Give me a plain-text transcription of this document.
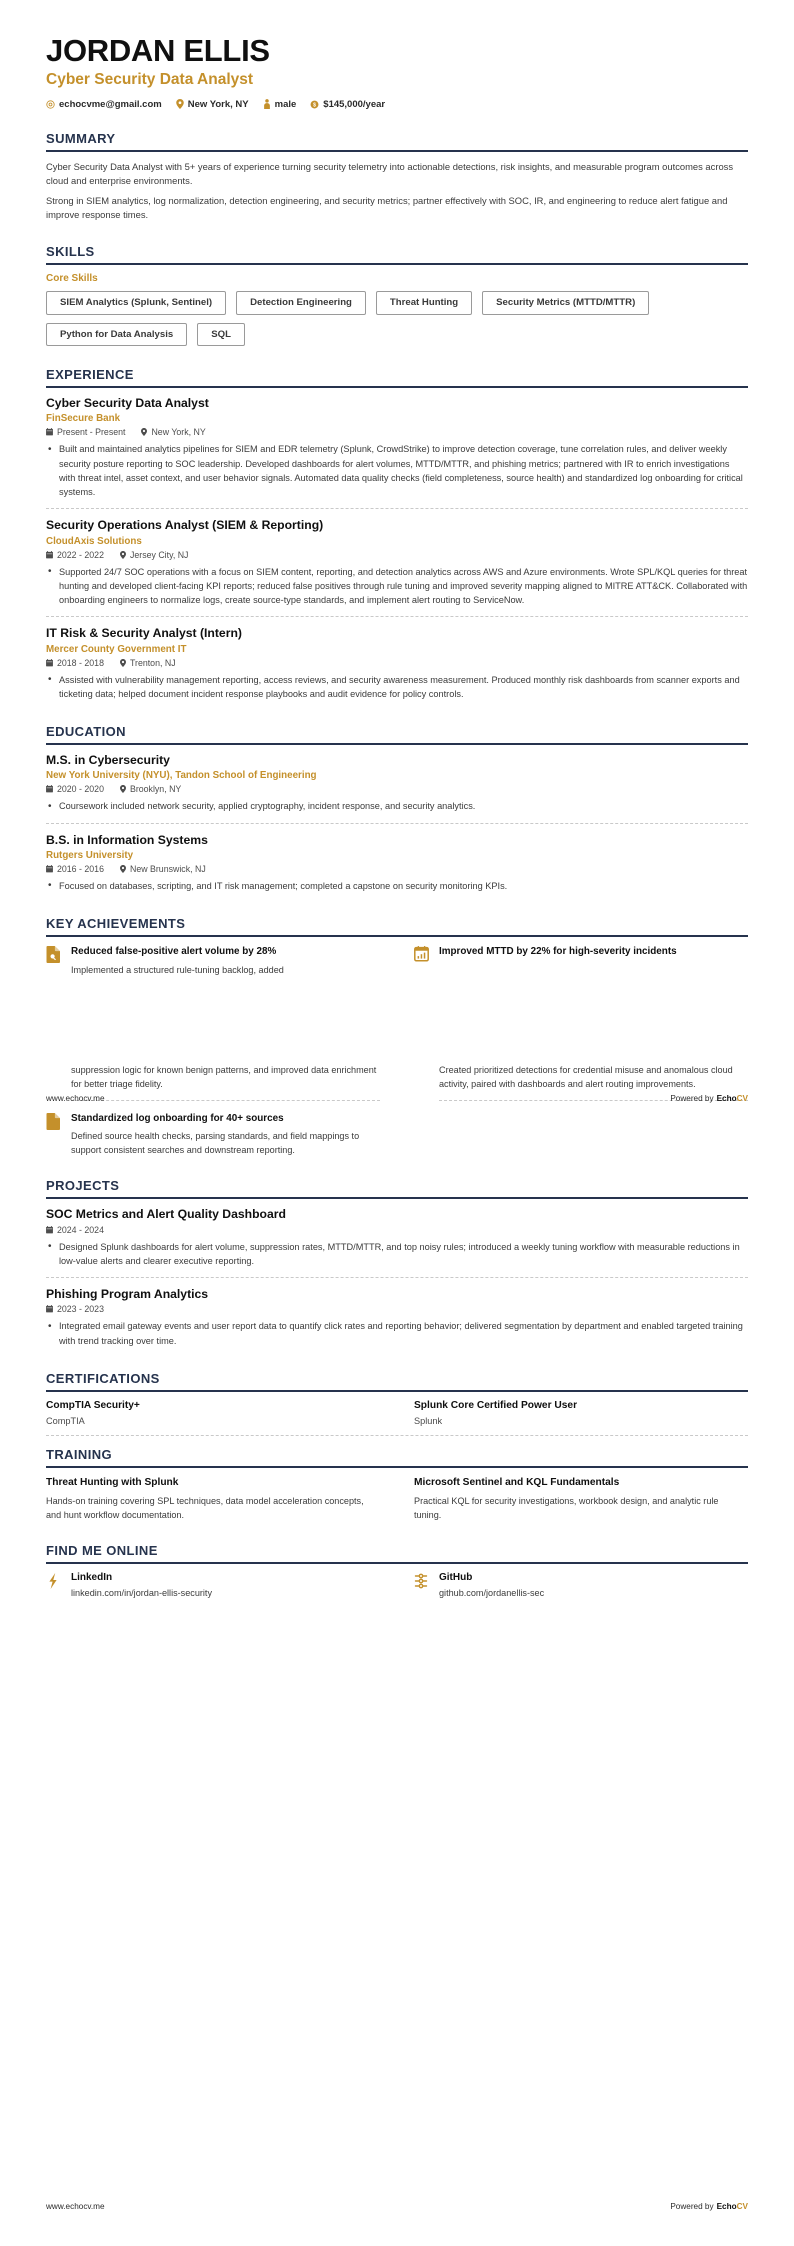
JORDAN ELLIS
Cyber Security Data Analyst
echocvme@gmail.com	New York, NY	male $ $145,000/year
SUMMARY

Cyber Security Data Analyst with 5+ years of experience turning security telemetry into actionable detections, risk insights, and measurable program outcomes across cloud and enterprise environments.

Strong in SIEM analytics, log normalization, detection engineering, and security metrics; partner effectively with SOC, IR, and engineering to reduce alert fatigue and improve response times.

SKILLS
Core Skills
SIEM Analytics (Splunk, Sentinel)	Detection Engineering	Threat Hunting	Security Metrics (MTTD/MTTR)
Python for Data Analysis	SQL
EXPERIENCE
Cyber Security Data Analyst
FinSecure Bank
Present - Present	New York, NY
• Built and maintained analytics pipelines for SIEM and EDR telemetry (Splunk, CrowdStrike) to improve detection coverage, tune correlation rules, and deliver weekly security posture reporting to SOC leadership. Developed dashboards for alert volumes, MTTD/MTTR, and phishing metrics; partnered with IR to enrich investigations with threat intel, asset context, and user behavior signals. Automated data quality checks (field completeness, source health) and standardized log onboarding for critical systems.
Security Operations Analyst (SIEM & Reporting)
CloudAxis Solutions
2022 - 2022	Jersey City, NJ
• Supported 24/7 SOC operations with a focus on SIEM content, reporting, and detection analytics across AWS and Azure environments. Wrote SPL/KQL queries for threat hunting and developed client-facing KPI reports; reduced false positives through rule tuning and improved severity mapping aligned to MITRE ATT&CK. Collaborated with onboarding engineers to normalize logs, create source-type standards, and implement alert routing to ServiceNow.
IT Risk & Security Analyst (Intern)
Mercer County Government IT
2018 - 2018	Trenton, NJ
• Assisted with vulnerability management reporting, access reviews, and security awareness measurement. Produced monthly risk dashboards from scanner exports and ticketing data; helped document incident response playbooks and audit evidence for policy controls.
EDUCATION
M.S. in Cybersecurity
New York University (NYU), Tandon School of Engineering
2020 - 2020	Brooklyn, NY
• Coursework included network security, applied cryptography, incident response, and security analytics.
B.S. in Information Systems
Rutgers University
2016 - 2016	New Brunswick, NJ
• Focused on databases, scripting, and IT risk management; completed a capstone on security monitoring KPIs.
KEY ACHIEVEMENTS
Reduced false-positive alert volume by 28%

Implemented a structured rule-tuning backlog, added

Improved MTTD by 22% for high-severity incidents

suppression logic for known benign patterns, and improved data enrichment for better triage fidelity.

Created prioritized detections for credential misuse and anomalous cloud activity, paired with dashboards and alert routing improvements.

Standardized log onboarding for 40+ sources

Defined source health checks, parsing standards, and field mappings to support consistent searches and downstream reporting.

PROJECTS
SOC Metrics and Alert Quality Dashboard
2024 - 2024
• Designed Splunk dashboards for alert volume, suppression rates, MTTD/MTTR, and top noisy rules; introduced a weekly tuning workflow with measurable reductions in low-value alerts and clearer executive reporting.
Phishing Program Analytics
2023 - 2023
• Integrated email gateway events and user report data to quantify click rates and reporting behavior; delivered segmentation by department and enabled targeted training with trend tracking over time.
CERTIFICATIONS
CompTIA Security+

CompTIA

Splunk Core Certified Power User

Splunk

TRAINING
Threat Hunting with Splunk

Hands-on training covering SPL techniques, data model acceleration concepts, and hunt workflow documentation.

Microsoft Sentinel and KQL Fundamentals

Practical KQL for security investigations, workbook design, and analytic rule tuning.

FIND ME ONLINE
LinkedIn

linkedin.com/in/jordan-ellis-security

GitHub

github.com/jordanellis-sec

www.echocv.me	Powered by EchoCV
www.echocv.me	Powered by EchoCV
